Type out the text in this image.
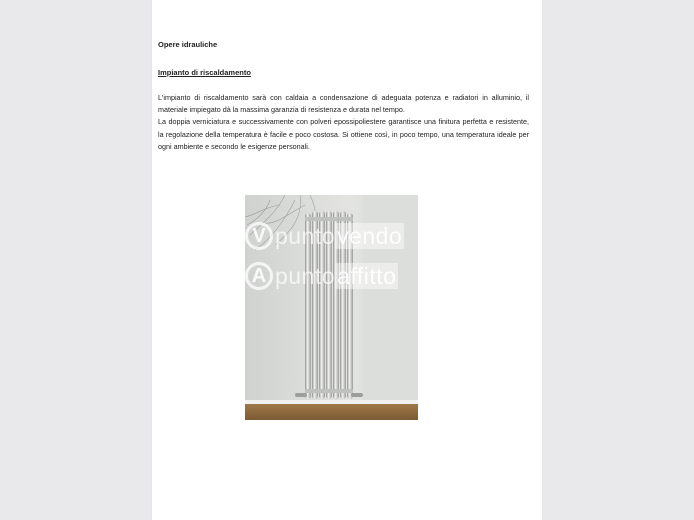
Opere idrauliche
Impianto di riscaldamento

L'impianto di riscaldamento sarà con caldaia a condensazione di adeguata potenza e radiatori in alluminio, il materiale impiegato dà la massima garanzia di resistenza e durata nel tempo.

La doppia verniciatura e successivamente con polveri epossipoliestere garantisce una finitura perfetta e resistente, la regolazione della temperatura è facile e poco costosa. Si ottiene così, in poco tempo, una temperatura ideale per ogni ambiente e secondo le esigenze personali.

V puntovendo
A puntoaffitto
